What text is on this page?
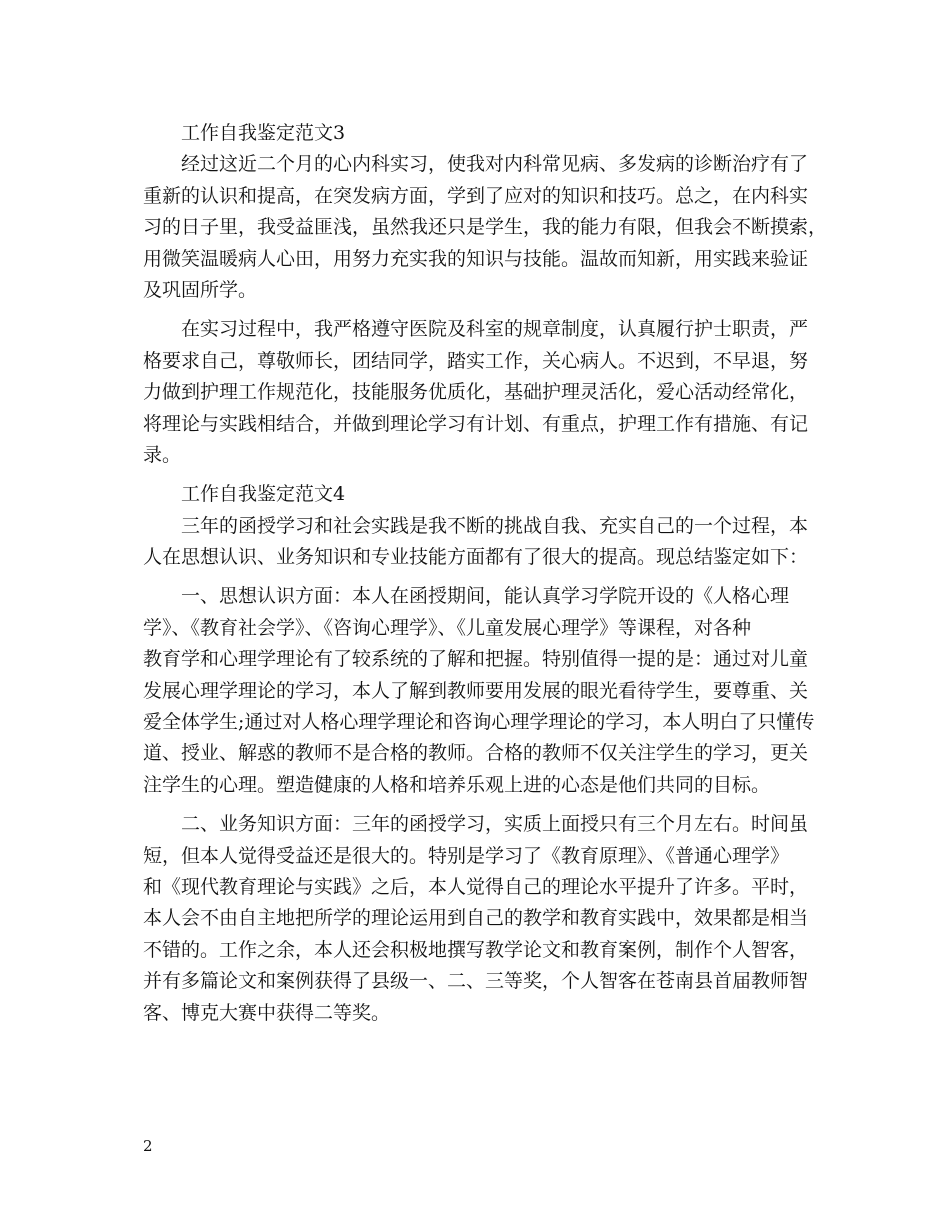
工作自我鉴定范文3
经过这近二个月的心内科实习，使我对内科常见病、多发病的诊断治疗有了
重新的认识和提高，在突发病方面，学到了应对的知识和技巧。总之，在内科实
习的日子里，我受益匪浅，虽然我还只是学生，我的能力有限，但我会不断摸索，
用微笑温暖病人心田，用努力充实我的知识与技能。温故而知新，用实践来验证
及巩固所学。
在实习过程中，我严格遵守医院及科室的规章制度，认真履行护士职责，严
格要求自己，尊敬师长，团结同学，踏实工作，关心病人。不迟到，不早退，努
力做到护理工作规范化，技能服务优质化，基础护理灵活化，爱心活动经常化，
将理论与实践相结合，并做到理论学习有计划、有重点，护理工作有措施、有记
录。
工作自我鉴定范文4
三年的函授学习和社会实践是我不断的挑战自我、充实自己的一个过程，本
人在思想认识、业务知识和专业技能方面都有了很大的提高。现总结鉴定如下：
一、思想认识方面：本人在函授期间，能认真学习学院开设的《人格心理
学》、《教育社会学》、《咨询心理学》、《儿童发展心理学》等课程，对各种
教育学和心理学理论有了较系统的了解和把握。特别值得一提的是：通过对儿童
发展心理学理论的学习，本人了解到教师要用发展的眼光看待学生，要尊重、关
爱全体学生;通过对人格心理学理论和咨询心理学理论的学习，本人明白了只懂传
道、授业、解惑的教师不是合格的教师。合格的教师不仅关注学生的学习，更关
注学生的心理。塑造健康的人格和培养乐观上进的心态是他们共同的目标。
二、业务知识方面：三年的函授学习，实质上面授只有三个月左右。时间虽
短，但本人觉得受益还是很大的。特别是学习了《教育原理》、《普通心理学》
和《现代教育理论与实践》之后，本人觉得自己的理论水平提升了许多。平时，
本人会不由自主地把所学的理论运用到自己的教学和教育实践中，效果都是相当
不错的。工作之余，本人还会积极地撰写教学论文和教育案例，制作个人智客，
并有多篇论文和案例获得了县级一、二、三等奖，个人智客在苍南县首届教师智
客、博克大赛中获得二等奖。
2
